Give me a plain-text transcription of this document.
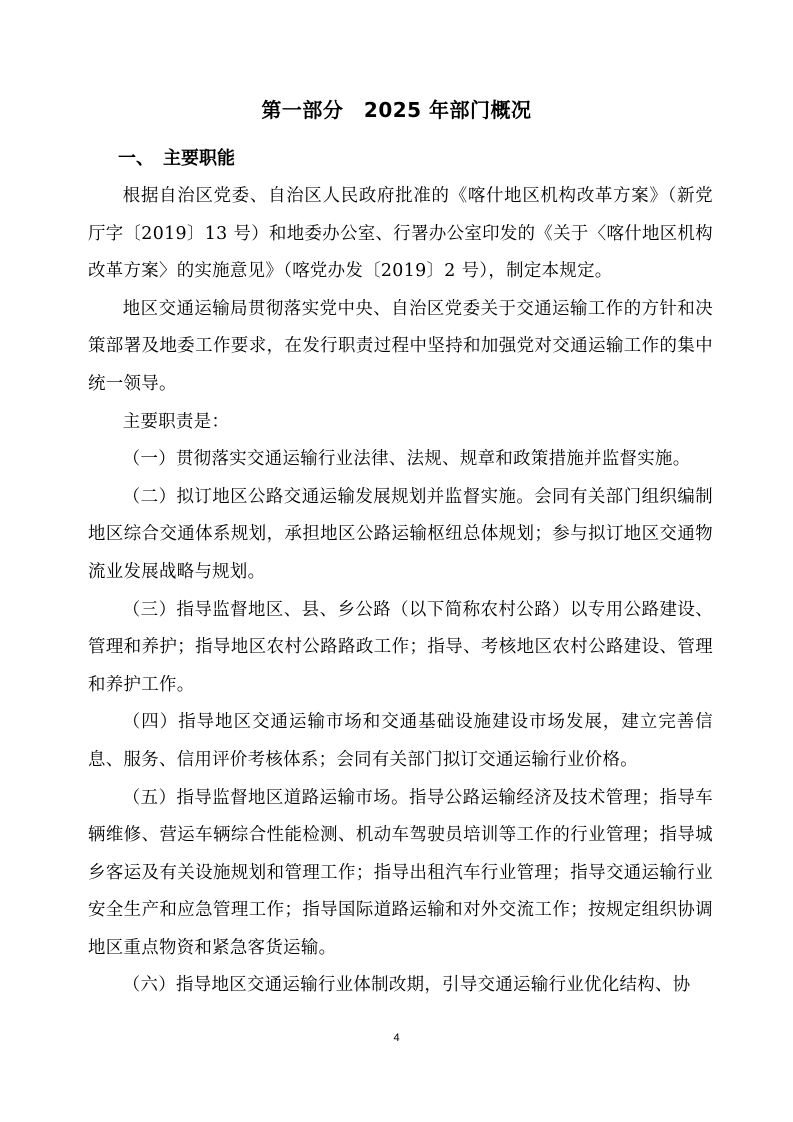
第一部分　2025 年部门概况
一、　主要职能

根据自治区党委、自治区人民政府批准的《喀什地区机构改革方案》（新党厅字〔2019〕13 号）和地委办公室、行署办公室印发的《关于〈喀什地区机构改革方案〉的实施意见》（喀党办发〔2019〕2 号），制定本规定。

地区交通运输局贯彻落实党中央、自治区党委关于交通运输工作的方针和决策部署及地委工作要求，在发行职责过程中坚持和加强党对交通运输工作的集中统一领导。

主要职责是：

（一）贯彻落实交通运输行业法律、法规、规章和政策措施并监督实施。

（二）拟订地区公路交通运输发展规划并监督实施。会同有关部门组织编制地区综合交通体系规划，承担地区公路运输枢纽总体规划；参与拟订地区交通物流业发展战略与规划。

（三）指导监督地区、县、乡公路（以下简称农村公路）以专用公路建设、管理和养护；指导地区农村公路路政工作；指导、考核地区农村公路建设、管理和养护工作。

（四）指导地区交通运输市场和交通基础设施建设市场发展，建立完善信息、服务、信用评价考核体系；会同有关部门拟订交通运输行业价格。

（五）指导监督地区道路运输市场。指导公路运输经济及技术管理；指导车辆维修、营运车辆综合性能检测、机动车驾驶员培训等工作的行业管理；指导城乡客运及有关设施规划和管理工作；指导出租汽车行业管理；指导交通运输行业安全生产和应急管理工作；指导国际道路运输和对外交流工作；按规定组织协调地区重点物资和紧急客货运输。

（六）指导地区交通运输行业体制改期，引导交通运输行业优化结构、协

4
